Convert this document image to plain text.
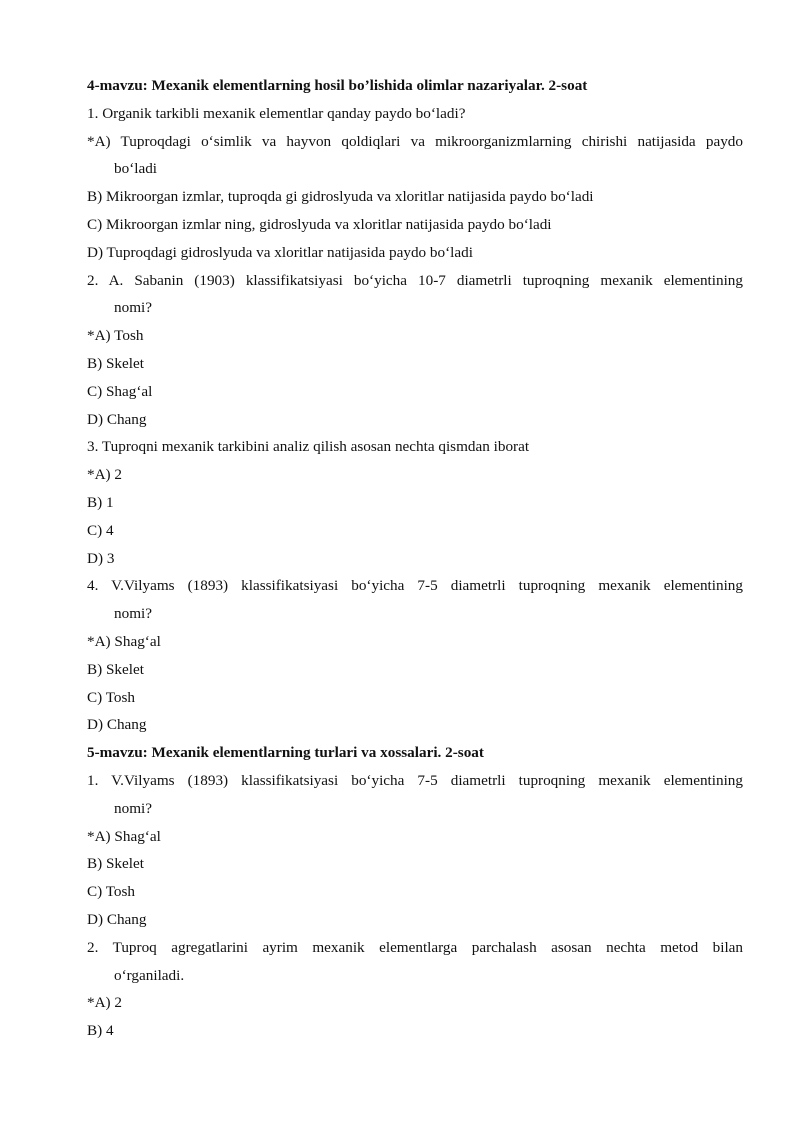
4-mavzu: Mexanik elementlarning hosil bo’lishida olimlar nazariyalar. 2-soat
1. Organik tarkibli mexanik elementlar qanday paydo bo‘ladi?
*A) Tuproqdagi o‘simlik va hayvon qoldiqlari va mikroorganizmlarning chirishi natijasida paydo
bo‘ladi
B) Mikroorgan izmlar, tuproqda gi gidroslyuda va xloritlar natijasida paydo bo‘ladi
C) Mikroorgan izmlar ning, gidroslyuda va xloritlar natijasida paydo bo‘ladi
D) Tuproqdagi gidroslyuda va xloritlar natijasida paydo bo‘ladi
2. A. Sabanin (1903) klassifikatsiyasi bo‘yicha 10-7 diametrli tuproqning mexanik elementining
nomi?
*A) Tosh
B) Skelet
C) Shag‘al
D) Chang
3. Tuproqni mexanik tarkibini analiz qilish asosan nechta qismdan iborat
*A) 2
B) 1
C) 4
D) 3
4. V.Vilyams (1893) klassifikatsiyasi bo‘yicha 7-5 diametrli tuproqning mexanik elementining
nomi?
*A) Shag‘al
B) Skelet
C) Tosh
D) Chang
5-mavzu: Mexanik elementlarning turlari va xossalari. 2-soat
1. V.Vilyams (1893) klassifikatsiyasi bo‘yicha 7-5 diametrli tuproqning mexanik elementining
nomi?
*A) Shag‘al
B) Skelet
C) Tosh
D) Chang
2. Tuproq agregatlarini ayrim mexanik elementlarga parchalash asosan nechta metod bilan
o‘rganiladi.
*A) 2
B) 4
